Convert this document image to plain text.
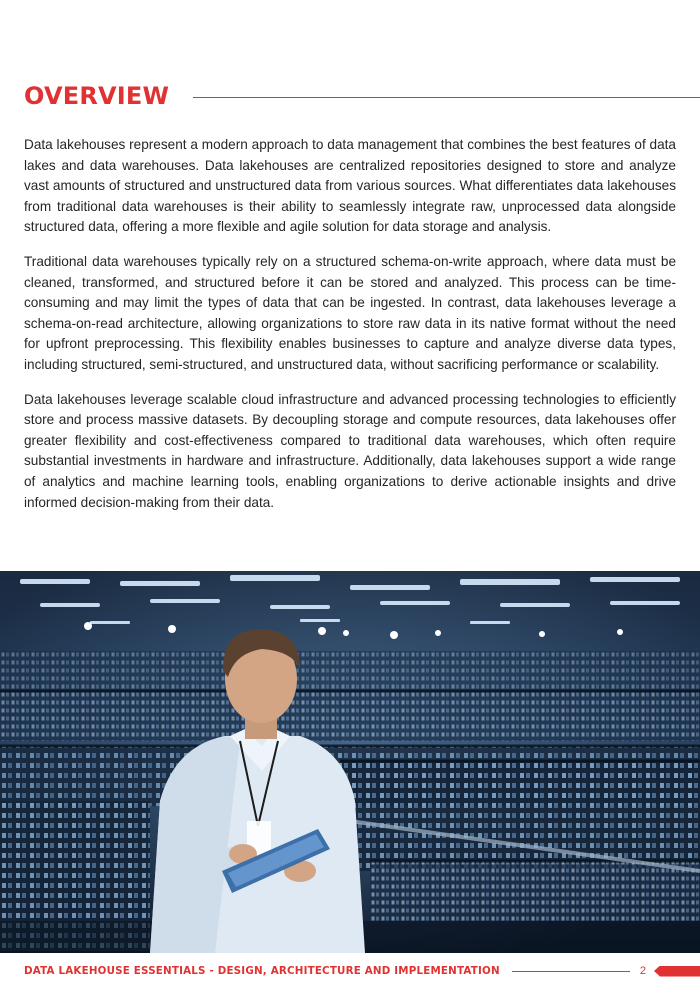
OVERVIEW

Data lakehouses represent a modern approach to data management that combines the best features of data lakes and data warehouses. Data lakehouses are centralized repositories designed to store and analyze vast amounts of structured and unstructured data from various sources. What differentiates data lakehouses from traditional data warehouses is their ability to seamlessly integrate raw, unprocessed data alongside structured data, offering a more flexible and agile solution for data storage and analysis.

Traditional data warehouses typically rely on a structured schema-on-write approach, where data must be cleaned, transformed, and structured before it can be stored and analyzed. This process can be time-consuming and may limit the types of data that can be ingested. In contrast, data lakehouses leverage a schema-on-read architecture, allowing organizations to store raw data in its native format without the need for upfront preprocessing. This flexibility enables businesses to capture and analyze diverse data types, including structured, semi-structured, and unstructured data, without sacrificing performance or scalability.

Data lakehouses leverage scalable cloud infrastructure and advanced processing technologies to efficiently store and process massive datasets. By decoupling storage and compute resources, data lakehouses offer greater flexibility and cost-effectiveness compared to traditional data warehouses, which often require substantial investments in hardware and infrastructure. Additionally, data lakehouses support a wide range of analytics and machine learning tools, enabling organizations to derive actionable insights and drive informed decision-making from their data.

DATA LAKEHOUSE ESSENTIALS - DESIGN, ARCHITECTURE AND IMPLEMENTATION	2
